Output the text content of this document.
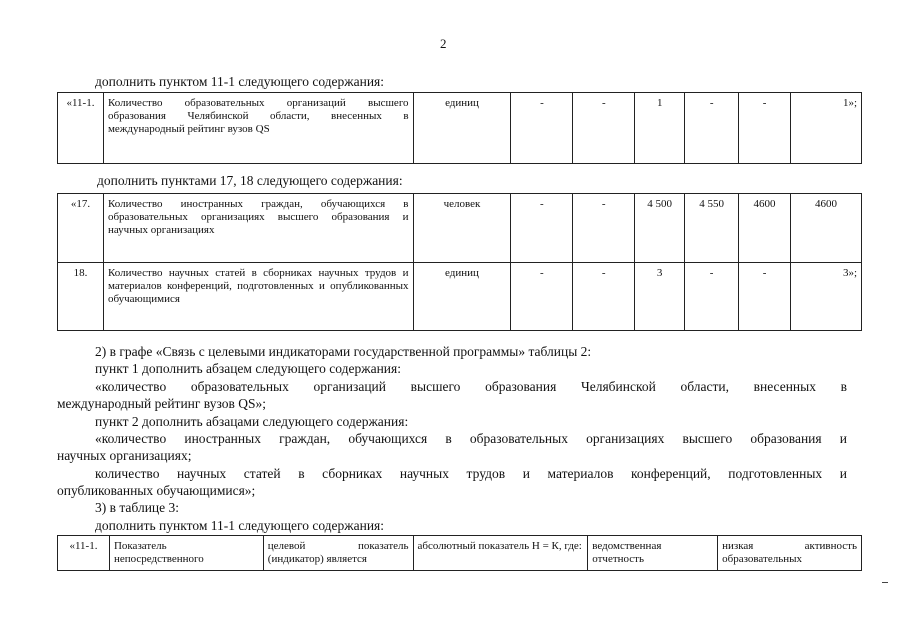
2
дополнить пунктом 11-1 следующего содержания:
«11-1.	Количество образовательных организаций высшего образования Челябинской области, внесенных в международный рейтинг вузов QS	единиц	-	-	1	-	-	1»;
дополнить пунктами 17, 18 следующего содержания:
«17.	Количество иностранных граждан, обучающихся в образовательных организациях высшего образования и научных организациях	человек	-	-	4 500	4 550	4600	4600
18.	Количество научных статей в сборниках научных трудов и материалов конференций, подготовленных и опубликованных обучающимися	единиц	-	-	3	-	-	3»;
2) в графе «Связь с целевыми индикаторами государственной программы» таблицы 2:
пункт 1 дополнить абзацем следующего содержания:
«количество образовательных организаций высшего образования Челябинской области, внесенных в
международный рейтинг вузов QS»;
пункт 2 дополнить абзацами следующего содержания:
«количество иностранных граждан, обучающихся в образовательных организациях высшего образования и
научных организациях;
количество научных статей в сборниках научных трудов и материалов конференций, подготовленных и
опубликованных обучающимися»;
3) в таблице 3:
дополнить пунктом 11-1 следующего содержания:
«11-1.	Показатель непосредственного	целевой показатель (индикатор) является	абсолютный показатель Н = К, где:	ведомственная отчетность	низкая активность образовательных
